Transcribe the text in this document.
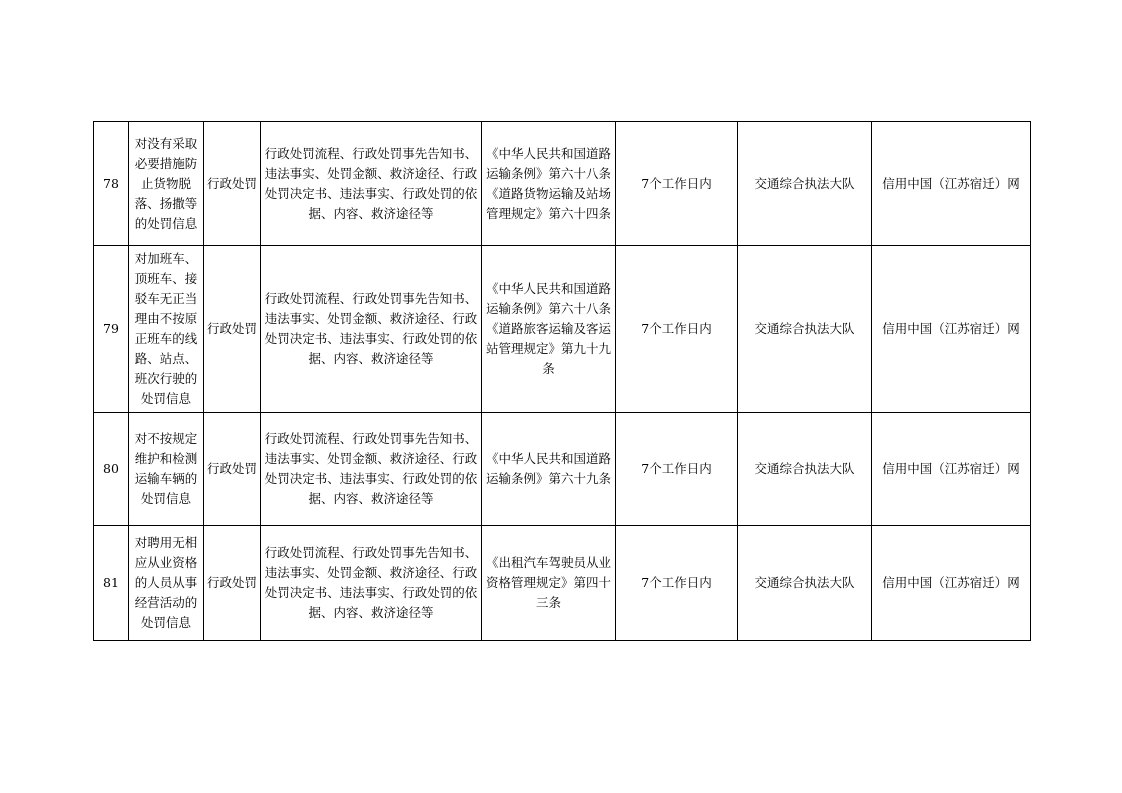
78	对没有采取必要措施防止货物脱落、扬撒等的处罚信息	行政处罚	行政处罚流程、行政处罚事先告知书、违法事实、处罚金额、救济途径、行政处罚决定书、违法事实、行政处罚的依据、内容、救济途径等	《中华人民共和国道路运输条例》第六十八条《道路货物运输及站场管理规定》第六十四条	7个工作日内	交通综合执法大队	信用中国（江苏宿迁）网
79	对加班车、顶班车、接驳车无正当理由不按原正班车的线路、站点、班次行驶的处罚信息	行政处罚	行政处罚流程、行政处罚事先告知书、违法事实、处罚金额、救济途径、行政处罚决定书、违法事实、行政处罚的依据、内容、救济途径等	《中华人民共和国道路运输条例》第六十八条《道路旅客运输及客运站管理规定》第九十九条	7个工作日内	交通综合执法大队	信用中国（江苏宿迁）网
80	对不按规定维护和检测运输车辆的处罚信息	行政处罚	行政处罚流程、行政处罚事先告知书、违法事实、处罚金额、救济途径、行政处罚决定书、违法事实、行政处罚的依据、内容、救济途径等	《中华人民共和国道路运输条例》第六十九条	7个工作日内	交通综合执法大队	信用中国（江苏宿迁）网
81	对聘用无相应从业资格的人员从事经营活动的处罚信息	行政处罚	行政处罚流程、行政处罚事先告知书、违法事实、处罚金额、救济途径、行政处罚决定书、违法事实、行政处罚的依据、内容、救济途径等	《出租汽车驾驶员从业资格管理规定》第四十三条	7个工作日内	交通综合执法大队	信用中国（江苏宿迁）网
